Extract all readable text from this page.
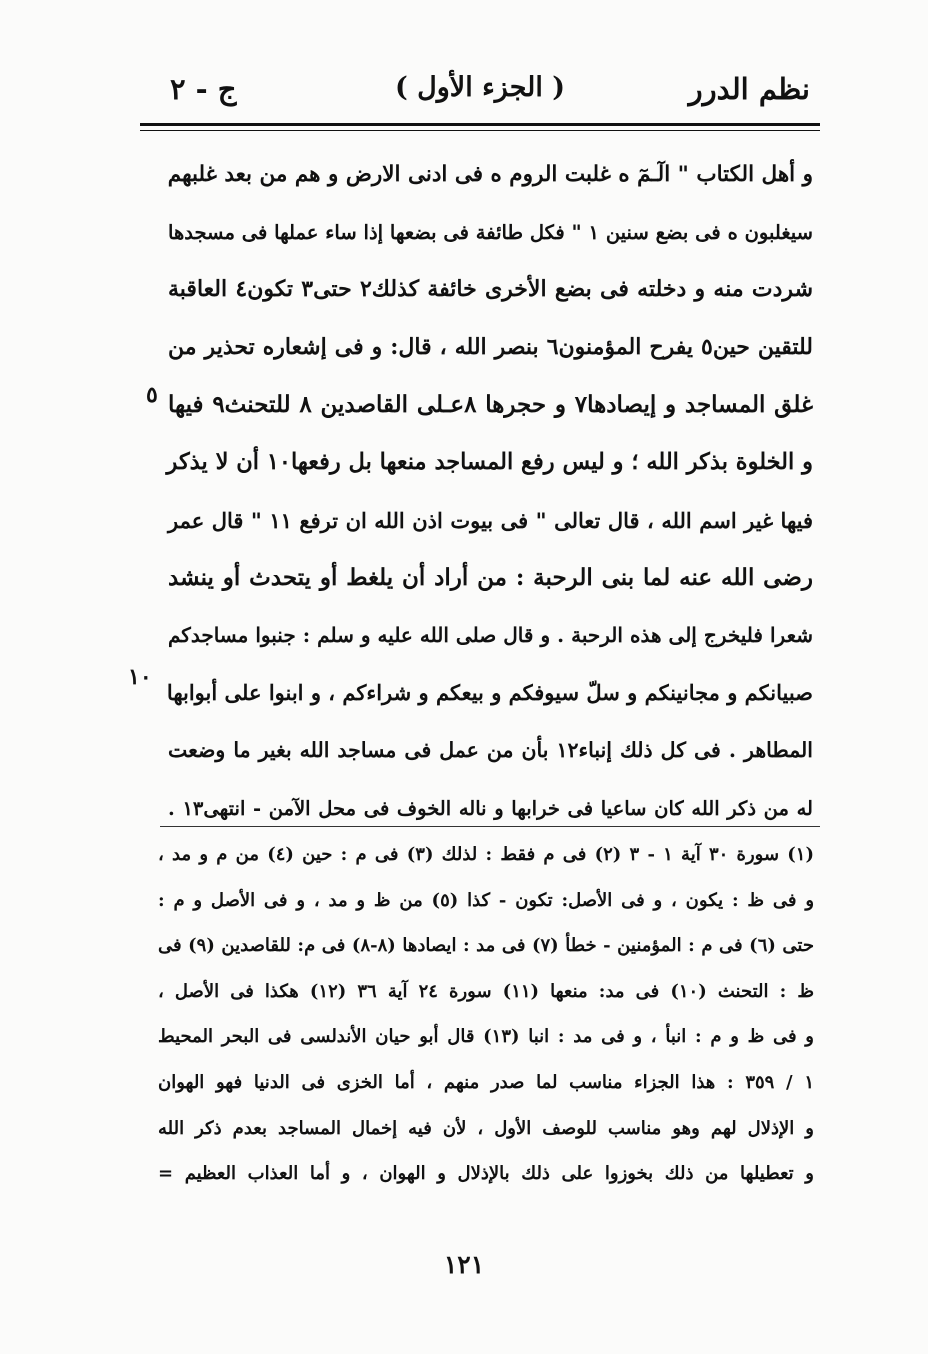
نظم الدرر
( الجزء الأول )
ج - ٢
و أهل الكتاب " الٓـمٓ ه غلبت الروم ه فى ادنى الارض و هم من بعد غلبهم
سيغلبون ه فى بضع سنين ١ " فكل طائفة فى بضعها إذا ساء عملها فى مسجدها
شردت منه و دخلته فى بضع الأخرى خائفة كذلك٢ حتى٣ تكون٤ العاقبة
للتقين حين٥ يفرح المؤمنون٦ بنصر الله ، قال: و فى إشعاره تحذير من
غلق المساجد و إيصادها٧ و حجرها ٨عـلى القاصدين ٨ للتحنث٩ فيها
و الخلوة بذكر الله ؛ و ليس رفع المساجد منعها بل رفعها١٠ أن لا يذكر
فيها غير اسم الله ، قال تعالى " فى بيوت اذن الله ان ترفع ١١ " قال عمر
رضى الله عنه لما بنى الرحبة : من أراد أن يلغط أو يتحدث أو ينشد
شعرا فليخرج إلى هذه الرحبة . و قال صلى الله عليه و سلم : جنبوا مساجدكم
صبيانكم و مجانينكم و سلّ سيوفكم و بيعكم و شراءكم ، و ابنوا على أبوابها
المطاهر . فى كل ذلك إنباء١٢ بأن من عمل فى مساجد الله بغير ما وضعت
له من ذكر الله كان ساعيا فى خرابها و ناله الخوف فى محل الآمن - انتهى١٣ .
٥
١٠
(١) سورة ٣٠ آية ١ - ٣ (٢) فى م فقط : لذلك (٣) فى م : حين (٤) من م و مد ،
و فى ظ : يكون ، و فى الأصل: تكون - كذا (٥) من ظ و مد ، و فى الأصل و م :
حتى (٦) فى م : المؤمنين - خطأ (٧) فى مد : ايصادها (٨-٨) فى م: للقاصدين (٩) فى
ظ : التحنث (١٠) فى مد: منعها (١١) سورة ٢٤ آية ٣٦ (١٢) هكذا فى الأصل ،
و فى ظ و م : انبأ ، و فى مد : انبا (١٣) قال أبو حيان الأندلسى فى البحر المحيط
١ / ٣٥٩ : هذا الجزاء مناسب لما صدر منهم ، أما الخزى فى الدنيا فهو الهوان
و الإذلال لهم وهو مناسب للوصف الأول ، لأن فيه إخمال المساجد بعدم ذكر الله
و تعطيلها من ذلك بخوزوا على ذلك بالإذلال و الهوان ، و أما العذاب العظيم =
١٢١
